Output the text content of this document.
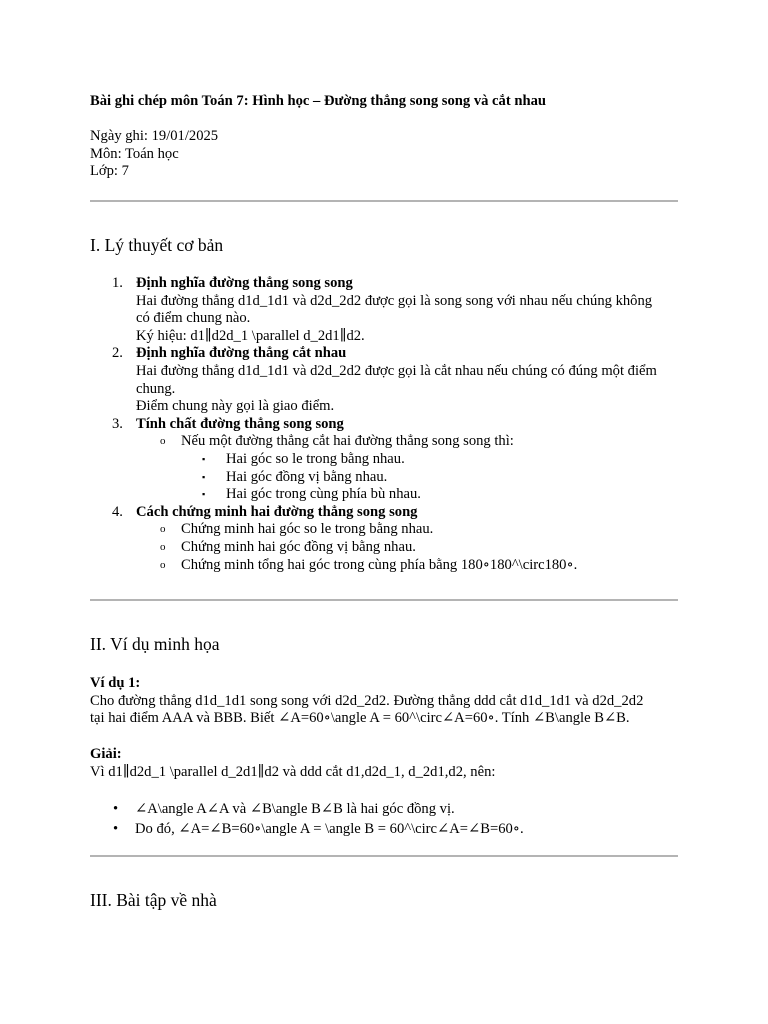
Bài ghi chép môn Toán 7: Hình học – Đường thẳng song song và cắt nhau
Ngày ghi: 19/01/2025
Môn: Toán học
Lớp: 7
I. Lý thuyết cơ bản
1. Định nghĩa đường thẳng song song
Hai đường thẳng d1d_1d1 và d2d_2d2 được gọi là song song với nhau nếu chúng không
có điểm chung nào.
Ký hiệu: d1∥d2d_1 \parallel d_2d1∥d2.
2. Định nghĩa đường thẳng cắt nhau
Hai đường thẳng d1d_1d1 và d2d_2d2 được gọi là cắt nhau nếu chúng có đúng một điểm
chung.
Điểm chung này gọi là giao điểm.
3. Tính chất đường thẳng song song
o Nếu một đường thẳng cắt hai đường thẳng song song thì:
▪ Hai góc so le trong bằng nhau.
▪ Hai góc đồng vị bằng nhau.
▪ Hai góc trong cùng phía bù nhau.
4. Cách chứng minh hai đường thẳng song song
o Chứng minh hai góc so le trong bằng nhau.
o Chứng minh hai góc đồng vị bằng nhau.
o Chứng minh tổng hai góc trong cùng phía bằng 180∘180^\circ180∘.
II. Ví dụ minh họa
Ví dụ 1:
Cho đường thẳng d1d_1d1 song song với d2d_2d2. Đường thẳng ddd cắt d1d_1d1 và d2d_2d2
tại hai điểm AAA và BBB. Biết ∠A=60∘\angle A = 60^\circ∠A=60∘. Tính ∠B\angle B∠B.
Giải:
Vì d1∥d2d_1 \parallel d_2d1∥d2 và ddd cắt d1,d2d_1, d_2d1,d2, nên:
• ∠A\angle A∠A và ∠B\angle B∠B là hai góc đồng vị.
• Do đó, ∠A=∠B=60∘\angle A = \angle B = 60^\circ∠A=∠B=60∘.
III. Bài tập về nhà
